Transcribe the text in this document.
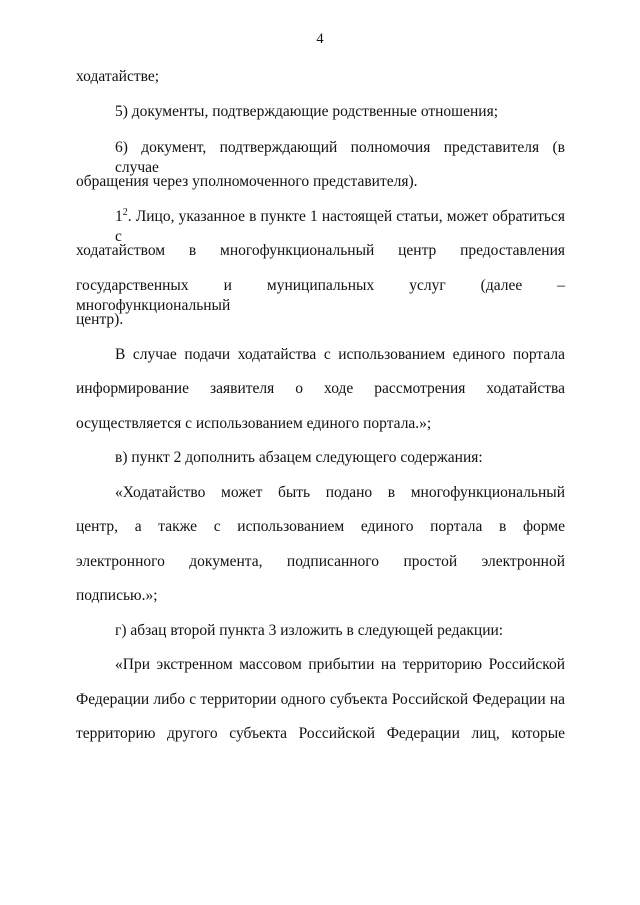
4
ходатайстве;
5) документы, подтверждающие родственные отношения;
6) документ, подтверждающий полномочия представителя (в случае
обращения через уполномоченного представителя).
$1^2$. Лицо, указанное в пункте 1 настоящей статьи, может обратиться с
ходатайством в многофункциональный центр предоставления
государственных и муниципальных услуг (далее – многофункциональный
центр).
В случае подачи ходатайства с использованием единого портала
информирование заявителя о ходе рассмотрения ходатайства
осуществляется с использованием единого портала.»;
в) пункт 2 дополнить абзацем следующего содержания:
«Ходатайство может быть подано в многофункциональный
центр, а также с использованием единого портала в форме
электронного документа, подписанного простой электронной
подписью.»;
г) абзац второй пункта 3 изложить в следующей редакции:
«При экстренном массовом прибытии на территорию Российской
Федерации либо с территории одного субъекта Российской Федерации на
территорию другого субъекта Российской Федерации лиц, которые
